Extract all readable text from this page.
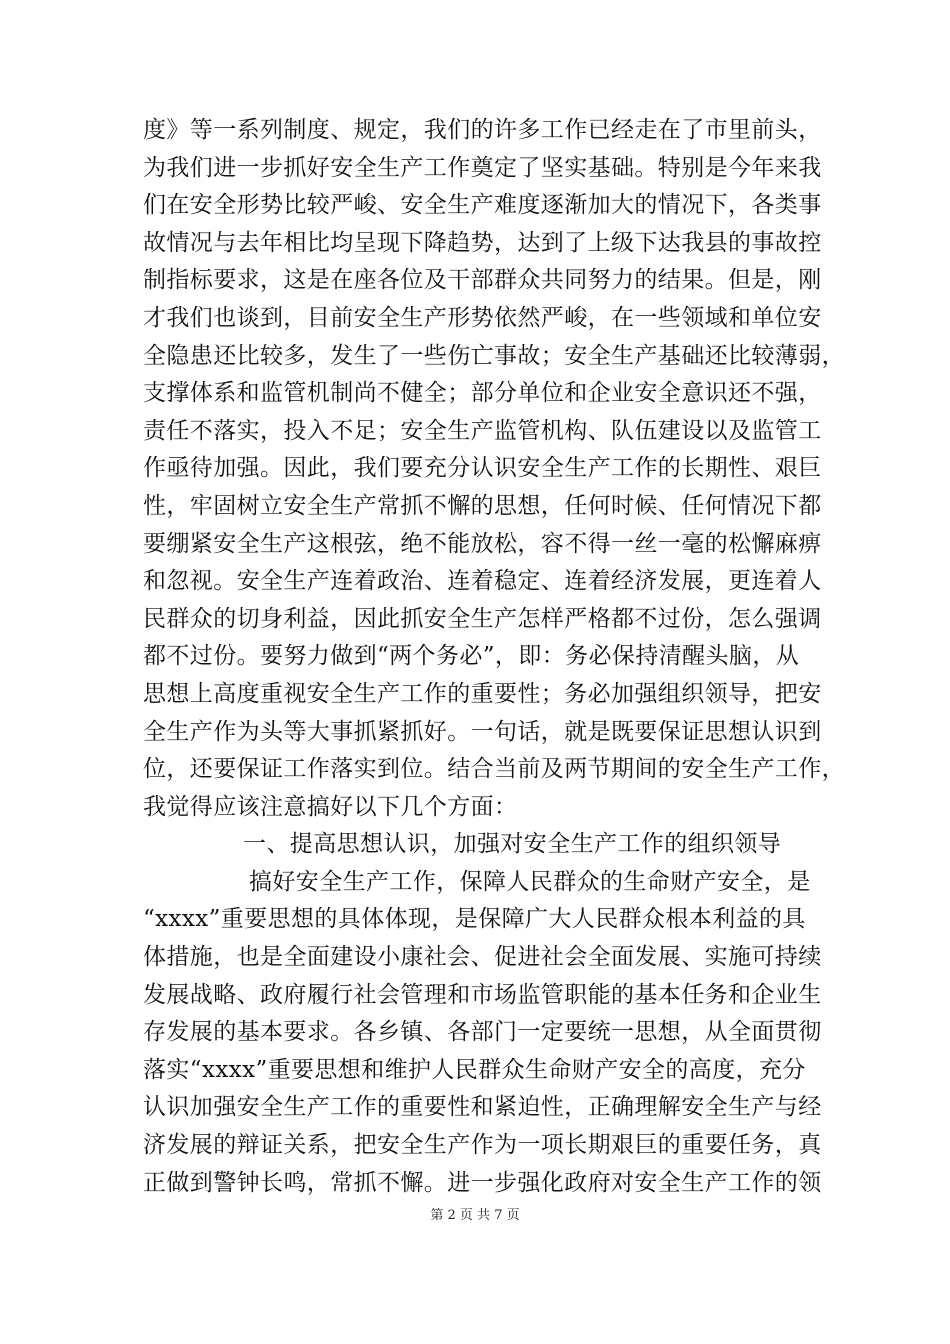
度》等一系列制度、规定，我们的许多工作已经走在了市里前头，
为我们进一步抓好安全生产工作奠定了坚实基础。特别是今年来我
们在安全形势比较严峻、安全生产难度逐渐加大的情况下，各类事
故情况与去年相比均呈现下降趋势，达到了上级下达我县的事故控
制指标要求，这是在座各位及干部群众共同努力的结果。但是，刚
才我们也谈到，目前安全生产形势依然严峻，在一些领域和单位安
全隐患还比较多，发生了一些伤亡事故；安全生产基础还比较薄弱，
支撑体系和监管机制尚不健全；部分单位和企业安全意识还不强，
责任不落实，投入不足；安全生产监管机构、队伍建设以及监管工
作亟待加强。因此，我们要充分认识安全生产工作的长期性、艰巨
性，牢固树立安全生产常抓不懈的思想，任何时候、任何情况下都
要绷紧安全生产这根弦，绝不能放松，容不得一丝一毫的松懈麻痹
和忽视。安全生产连着政治、连着稳定、连着经济发展，更连着人
民群众的切身利益，因此抓安全生产怎样严格都不过份，怎么强调
都不过份。要努力做到“两个务必”，即：务必保持清醒头脑，从
思想上高度重视安全生产工作的重要性；务必加强组织领导，把安
全生产作为头等大事抓紧抓好。一句话，就是既要保证思想认识到
位，还要保证工作落实到位。结合当前及两节期间的安全生产工作，
我觉得应该注意搞好以下几个方面：
一、提高思想认识，加强对安全生产工作的组织领导
搞好安全生产工作，保障人民群众的生命财产安全，是
“xxxx”重要思想的具体体现，是保障广大人民群众根本利益的具
体措施，也是全面建设小康社会、促进社会全面发展、实施可持续
发展战略、政府履行社会管理和市场监管职能的基本任务和企业生
存发展的基本要求。各乡镇、各部门一定要统一思想，从全面贯彻
落实“xxxx”重要思想和维护人民群众生命财产安全的高度，充分
认识加强安全生产工作的重要性和紧迫性，正确理解安全生产与经
济发展的辩证关系，把安全生产作为一项长期艰巨的重要任务，真
正做到警钟长鸣，常抓不懈。进一步强化政府对安全生产工作的领
第 2 页 共 7 页
